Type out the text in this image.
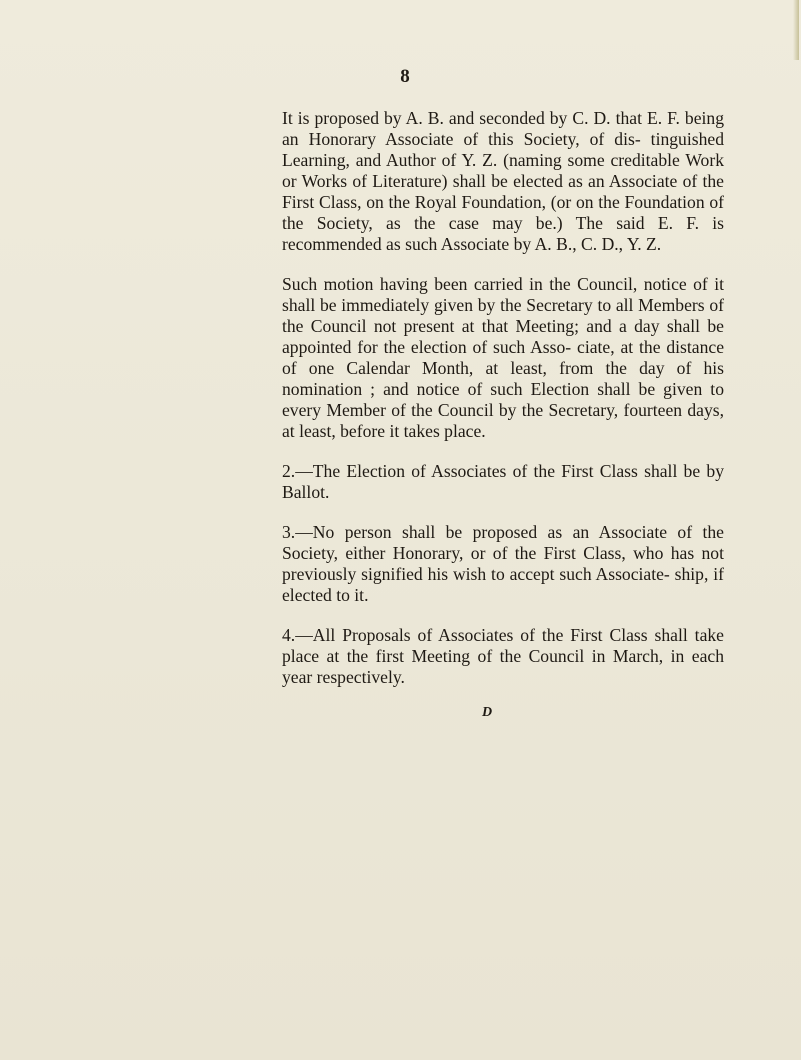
8

It is proposed by A. B. and seconded by C. D. that E. F. being an Honorary Associate of this Society, of dis- tinguished Learning, and Author of Y. Z. (naming some creditable Work or Works of Literature) shall be elected as an Associate of the First Class, on the Royal Foundation, (or on the Foundation of the Society, as the case may be.) The said E. F. is recommended as such Associate by A. B., C. D., Y. Z.

Such motion having been carried in the Council, notice of it shall be immediately given by the Secretary to all Members of the Council not present at that Meeting; and a day shall be appointed for the election of such Asso- ciate, at the distance of one Calendar Month, at least, from the day of his nomination ; and notice of such Election shall be given to every Member of the Council by the Secretary, fourteen days, at least, before it takes place.

2.—The Election of Associates of the First Class shall be by Ballot.

3.—No person shall be proposed as an Associate of the Society, either Honorary, or of the First Class, who has not previously signified his wish to accept such Associate- ship, if elected to it.

4.—All Proposals of Associates of the First Class shall take place at the first Meeting of the Council in March, in each year respectively.

D
